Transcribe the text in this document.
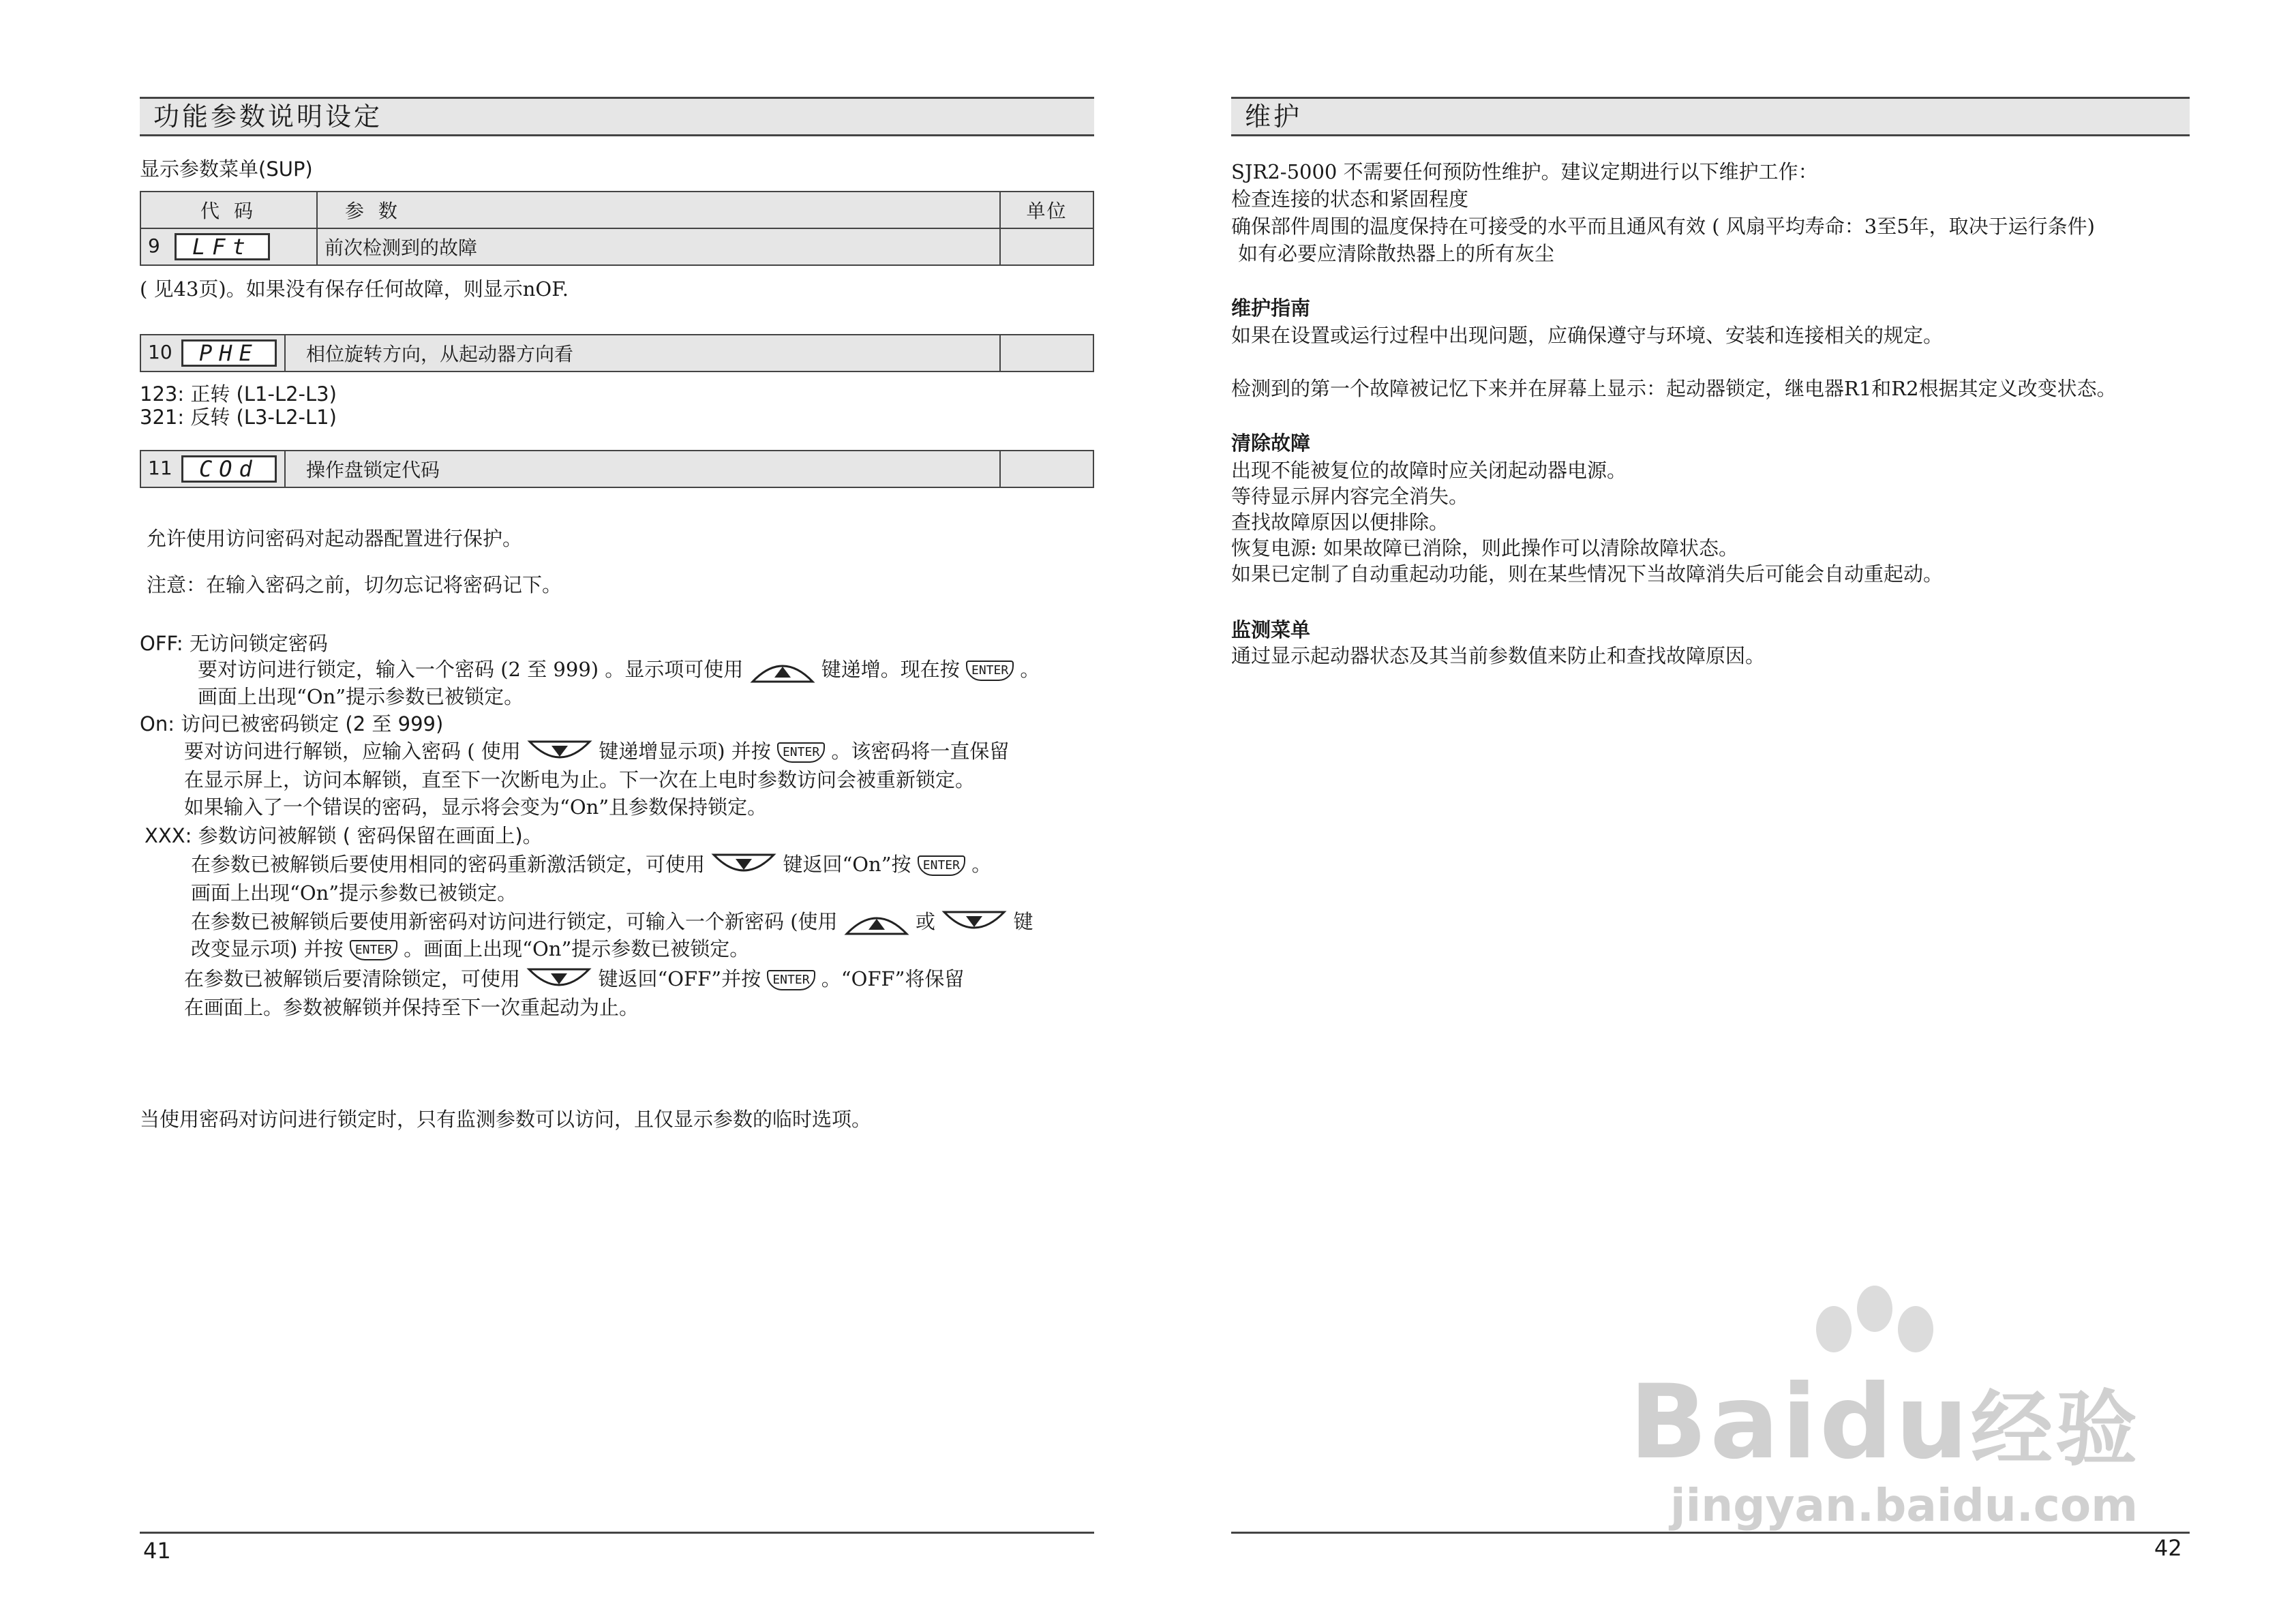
功能参数说明设定
显示参数菜单(SUP)
代 码	参 数	单位
9 LFt	前次检测到的故障	
( 见43页)。如果没有保存任何故障，则显示nOF.
10 PHE	相位旋转方向，从起动器方向看	
123: 正转 (L1-L2-L3)
321: 反转 (L3-L2-L1)
11 COd	操作盘锁定代码	
允许使用访问密码对起动器配置进行保护。
注意：在输入密码之前，切勿忘记将密码记下。
OFF: 无访问锁定密码
要对访问进行锁定，输入一个密码 (2 至 999) 。显示项可使用	键递增。现在按 ENTER 。
画面上出现“On”提示参数已被锁定。
On: 访问已被密码锁定 (2 至 999)
要对访问进行解锁，应输入密码 ( 使用	键递增显示项) 并按 ENTER 。该密码将一直保留
在显示屏上，访问本解锁，直至下一次断电为止。下一次在上电时参数访问会被重新锁定。
如果输入了一个错误的密码，显示将会变为“On”且参数保持锁定。
XXX: 参数访问被解锁 ( 密码保留在画面上)。
在参数已被解锁后要使用相同的密码重新激活锁定，可使用	键返回“On”按 ENTER 。
画面上出现“On”提示参数已被锁定。
在参数已被解锁后要使用新密码对访问进行锁定，可输入一个新密码 (使用	或	键
改变显示项) 并按 ENTER 。画面上出现“On”提示参数已被锁定。
在参数已被解锁后要清除锁定，可使用	键返回“OFF”并按 ENTER 。“OFF”将保留
在画面上。参数被解锁并保持至下一次重起动为止。
当使用密码对访问进行锁定时，只有监测参数可以访问，且仅显示参数的临时选项。
41
维护
SJR2-5000 不需要任何预防性维护。建议定期进行以下维护工作：
检查连接的状态和紧固程度
确保部件周围的温度保持在可接受的水平而且通风有效 ( 风扇平均寿命：3至5年，取决于运行条件)
如有必要应清除散热器上的所有灰尘
维护指南
如果在设置或运行过程中出现问题，应确保遵守与环境、安装和连接相关的规定。
检测到的第一个故障被记忆下来并在屏幕上显示：起动器锁定，继电器R1和R2根据其定义改变状态。
清除故障
出现不能被复位的故障时应关闭起动器电源。
等待显示屏内容完全消失。
查找故障原因以便排除。
恢复电源: 如果故障已消除，则此操作可以清除故障状态。
如果已定制了自动重起动功能，则在某些情况下当故障消失后可能会自动重起动。
监测菜单
通过显示起动器状态及其当前参数值来防止和查找故障原因。
Baidu经验
jingyan.baidu.com
42
